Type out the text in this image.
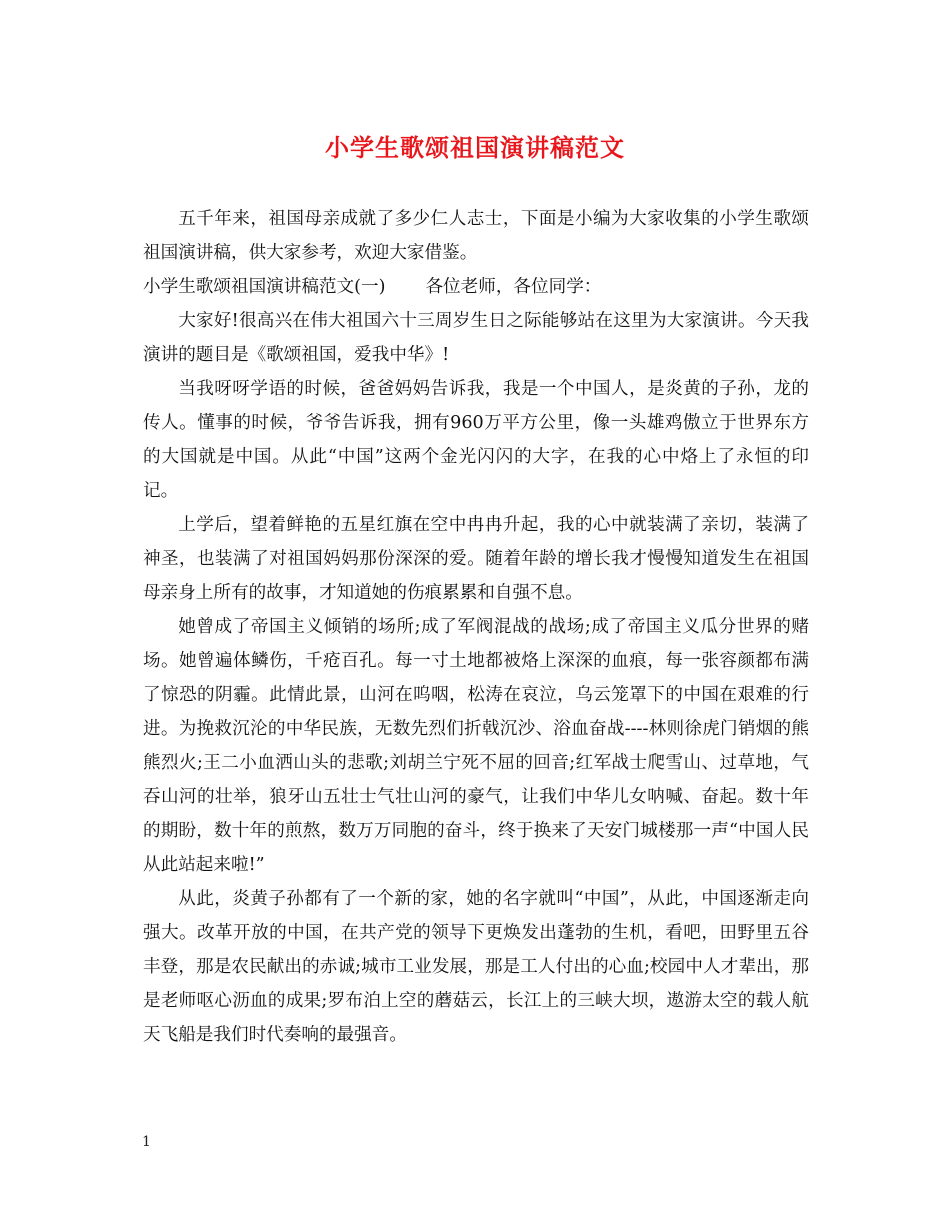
小学生歌颂祖国演讲稿范文

五千年来，祖国母亲成就了多少仁人志士，下面是小编为大家收集的小学生歌颂祖国演讲稿，供大家参考，欢迎大家借鉴。

小学生歌颂祖国演讲稿范文(一) 各位老师，各位同学：

大家好!很高兴在伟大祖国六十三周岁生日之际能够站在这里为大家演讲。今天我演讲的题目是《歌颂祖国，爱我中华》!

当我呀呀学语的时候，爸爸妈妈告诉我，我是一个中国人，是炎黄的子孙，龙的传人。懂事的时候，爷爷告诉我，拥有960万平方公里，像一头雄鸡傲立于世界东方的大国就是中国。从此“中国”这两个金光闪闪的大字，在我的心中烙上了永恒的印记。

上学后，望着鲜艳的五星红旗在空中冉冉升起，我的心中就装满了亲切，装满了神圣，也装满了对祖国妈妈那份深深的爱。随着年龄的增长我才慢慢知道发生在祖国母亲身上所有的故事，才知道她的伤痕累累和自强不息。

她曾成了帝国主义倾销的场所;成了军阀混战的战场;成了帝国主义瓜分世界的赌场。她曾遍体鳞伤，千疮百孔。每一寸土地都被烙上深深的血痕，每一张容颜都布满了惊恐的阴霾。此情此景，山河在呜咽，松涛在哀泣，乌云笼罩下的中国在艰难的行进。为挽救沉沦的中华民族，无数先烈们折戟沉沙、浴血奋战----林则徐虎门销烟的熊熊烈火;王二小血洒山头的悲歌;刘胡兰宁死不屈的回音;红军战士爬雪山、过草地，气吞山河的壮举，狼牙山五壮士气壮山河的豪气，让我们中华儿女呐喊、奋起。数十年的期盼，数十年的煎熬，数万万同胞的奋斗，终于换来了天安门城楼那一声“中国人民从此站起来啦!”

从此，炎黄子孙都有了一个新的家，她的名字就叫“中国”，从此，中国逐渐走向强大。改革开放的中国，在共产党的领导下更焕发出蓬勃的生机，看吧，田野里五谷丰登，那是农民献出的赤诚;城市工业发展，那是工人付出的心血;校园中人才辈出，那是老师呕心沥血的成果;罗布泊上空的蘑菇云，长江上的三峡大坝，遨游太空的载人航天飞船是我们时代奏响的最强音。

1
